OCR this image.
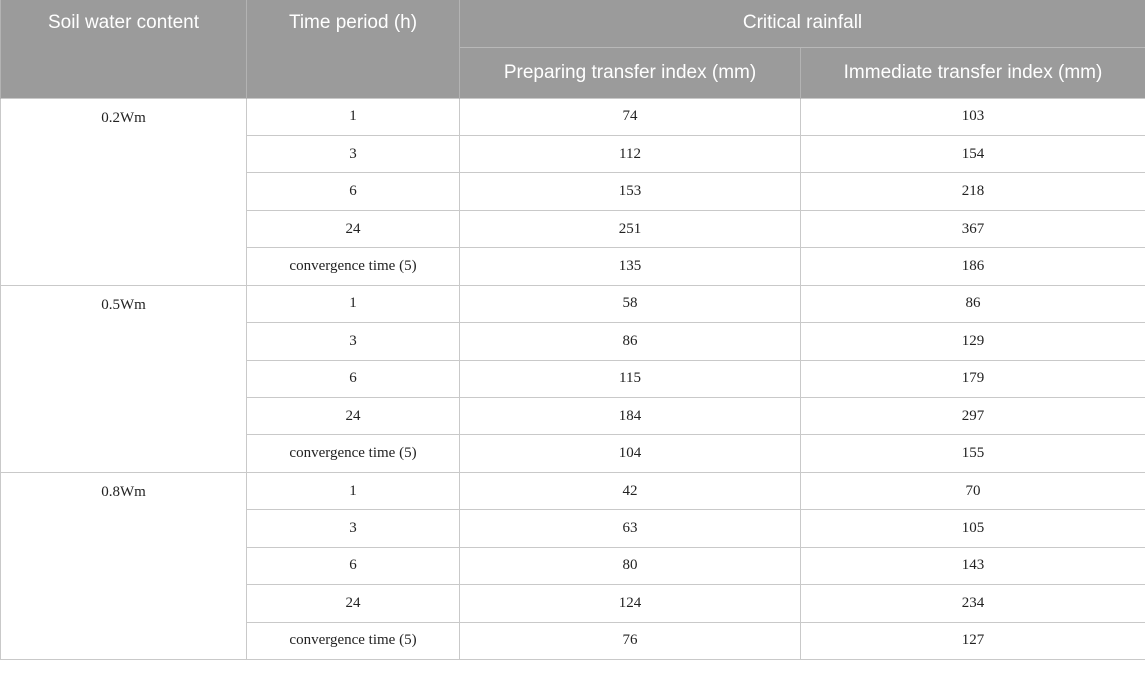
Soil water content	Time period (h)	Critical rainfall	
		Preparing transfer index (mm)	Immediate transfer index (mm)
0.2Wm	1	74	103
	3	112	154
	6	153	218
	24	251	367
	convergence time (5)	135	186
0.5Wm	1	58	86
	3	86	129
	6	115	179
	24	184	297
	convergence time (5)	104	155
0.8Wm	1	42	70
	3	63	105
	6	80	143
	24	124	234
	convergence time (5)	76	127
